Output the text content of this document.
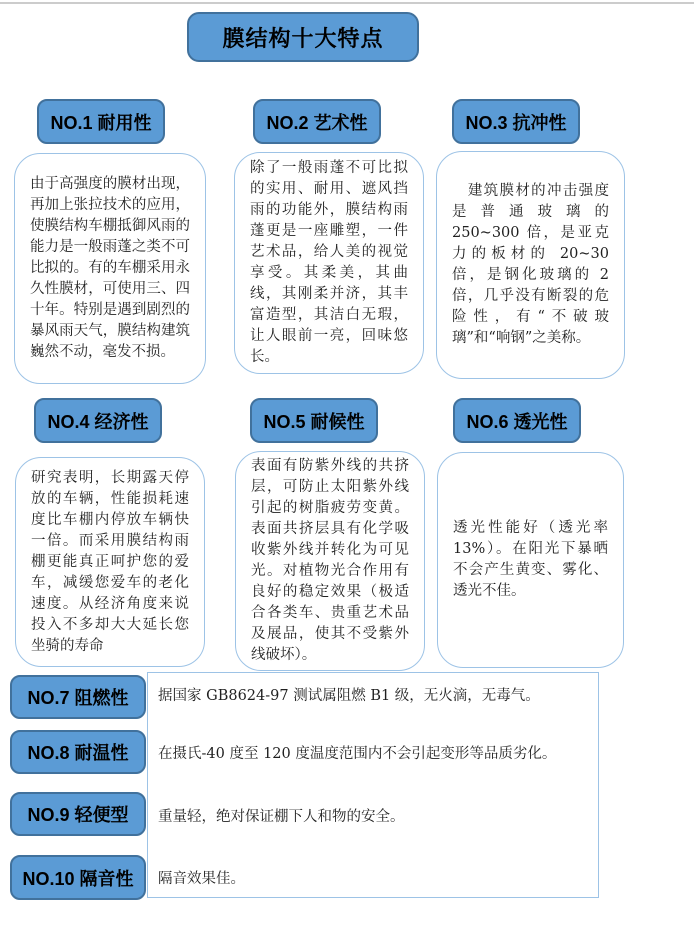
膜结构十大特点
NO.1 耐用性

由于高强度的膜材出现，再加上张拉技术的应用，使膜结构车棚抵御风雨的能力是一般雨蓬之类不可比拟的。有的车棚采用永久性膜材，可使用三、四十年。特别是遇到剧烈的暴风雨天气，膜结构建筑巍然不动，毫发不损。

NO.2 艺术性

除了一般雨蓬不可比拟的实用、耐用、遮风挡雨的功能外，膜结构雨蓬更是一座雕塑，一件艺术品，给人美的视觉享受。其柔美，其曲线，其刚柔并济，其丰富造型，其洁白无瑕，让人眼前一亮，回味悠长。

NO.3 抗冲性

　建筑膜材的冲击强度是普通玻璃的 250~300 倍，是亚克力的板材的 20~30 倍，是钢化玻璃的 2 倍，几乎没有断裂的危险性，有“不破玻璃”和“响钢”之美称。

NO.4 经济性

研究表明，长期露天停放的车辆，性能损耗速度比车棚内停放车辆快一倍。而采用膜结构雨棚更能真正呵护您的爱车，减缓您爱车的老化速度。从经济角度来说投入不多却大大延长您坐骑的寿命

NO.5 耐候性

表面有防紫外线的共挤层，可防止太阳紫外线引起的树脂疲劳变黄。表面共挤层具有化学吸收紫外线并转化为可见光。对植物光合作用有良好的稳定效果（极适合各类车、贵重艺术品及展品，使其不受紫外线破坏）。

NO.6 透光性

透光性能好（透光率 13%）。在阳光下暴晒不会产生黄变、雾化、透光不佳。

NO.7 阻燃性 据国家 GB8624-97 测试属阻燃 B1 级，无火滴，无毒气。
NO.8 耐温性 在摄氏-40 度至 120 度温度范围内不会引起变形等品质劣化。
NO.9 轻便型 重量轻，绝对保证棚下人和物的安全。
NO.10 隔音性 隔音效果佳。
